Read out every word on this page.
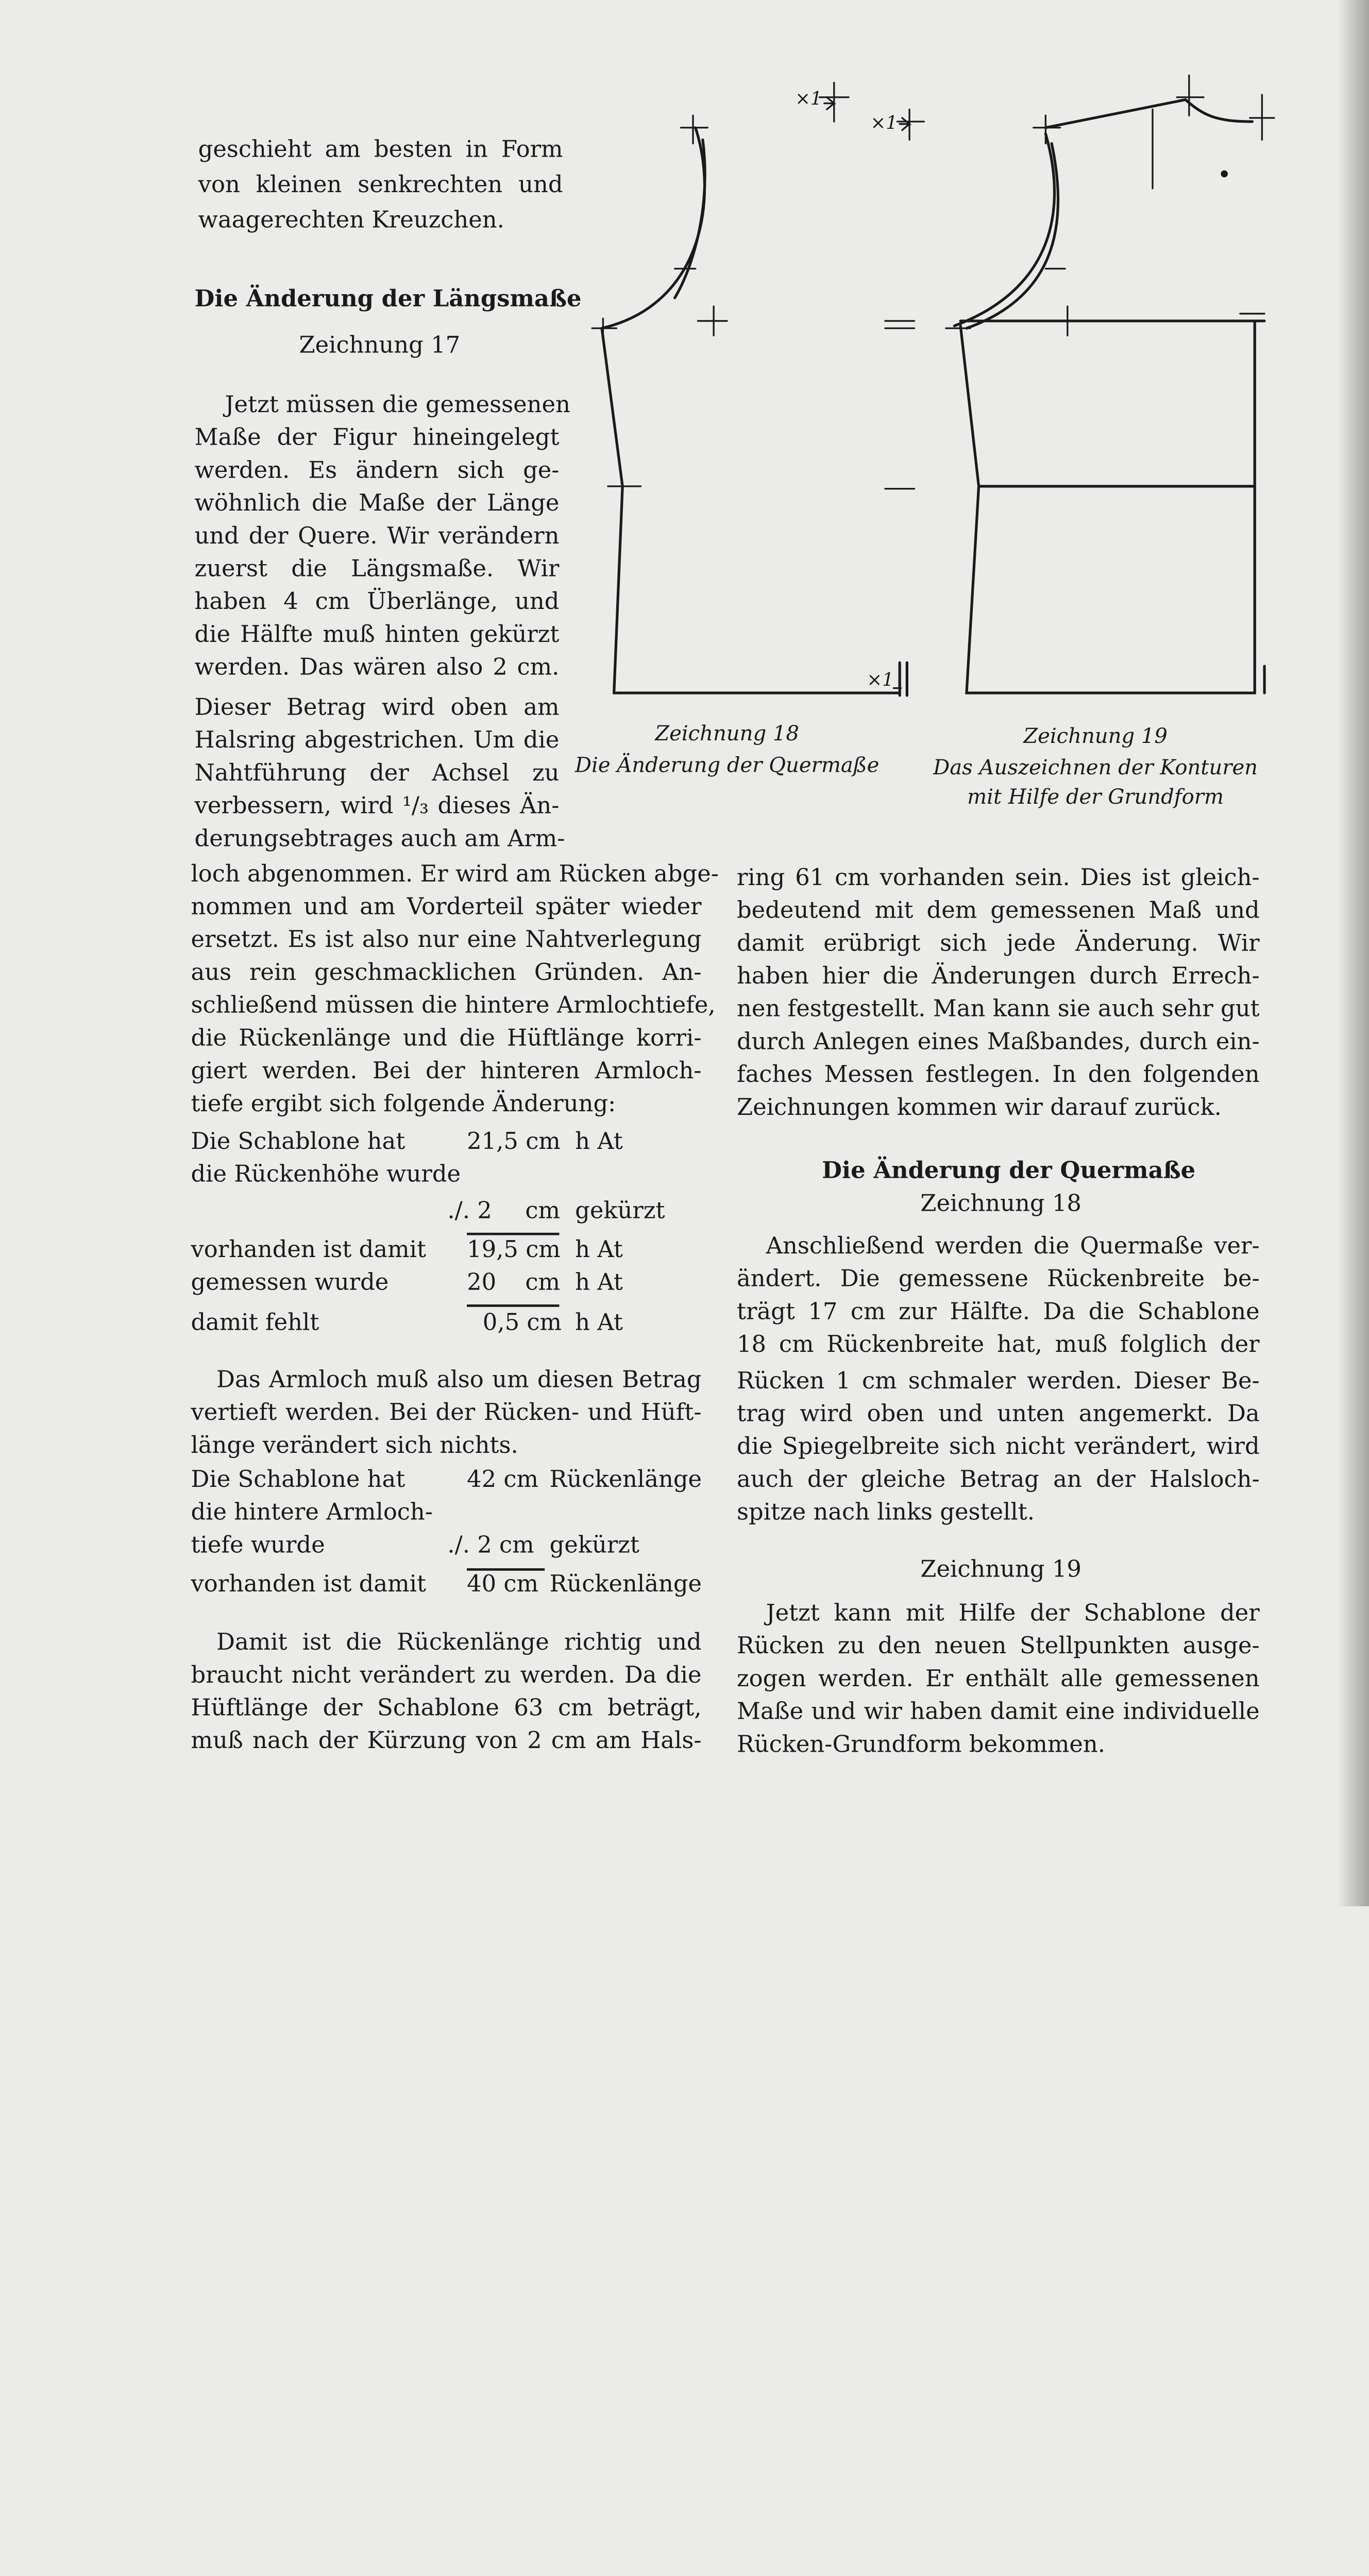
geschieht am besten in Form
von kleinen senkrechten und
waagerechten Kreuzchen.
Die Änderung der Längsmaße
Zeichnung 17
Jetzt müssen die gemessenen
Maße der Figur hineingelegt
werden. Es ändern sich ge-
wöhnlich die Maße der Länge
und der Quere. Wir verändern
zuerst die Längsmaße. Wir
haben 4 cm Überlänge, und
die Hälfte muß hinten gekürzt
werden. Das wären also 2 cm.
Dieser Betrag wird oben am
Halsring abgestrichen. Um die
Nahtführung der Achsel zu
verbessern, wird ¹/₃ dieses Än-
derungsebtrages auch am Arm-
loch abgenommen. Er wird am Rücken abge-
nommen und am Vorderteil später wieder
ersetzt. Es ist also nur eine Nahtverlegung
aus rein geschmacklichen Gründen. An-
schließend müssen die hintere Armlochtiefe,
die Rückenlänge und die Hüftlänge korri-
giert werden. Bei der hinteren Armloch-
tiefe ergibt sich folgende Änderung:
Die Schablone hat	21,5 cm h At
die Rückenhöhe wurde
./. 2	cm gekürzt
vorhanden ist damit	19,5 cm h At
gemessen wurde	20	cm h At
damit fehlt	0,5 cm h At
Das Armloch muß also um diesen Betrag
vertieft werden. Bei der Rücken- und Hüft-
länge verändert sich nichts.
Die Schablone hat	42 cm Rückenlänge
die hintere Armloch-
tiefe wurde	./. 2 cm gekürzt
vorhanden ist damit	40 cm Rückenlänge
Damit ist die Rückenlänge richtig und
braucht nicht verändert zu werden. Da die
Hüftlänge der Schablone 63 cm beträgt,
muß nach der Kürzung von 2 cm am Hals-
ring 61 cm vorhanden sein. Dies ist gleich-
bedeutend mit dem gemessenen Maß und
damit erübrigt sich jede Änderung. Wir
haben hier die Änderungen durch Errech-
nen festgestellt. Man kann sie auch sehr gut
durch Anlegen eines Maßbandes, durch ein-
faches Messen festlegen. In den folgenden
Zeichnungen kommen wir darauf zurück.
Die Änderung der Quermaße
Zeichnung 18
Anschließend werden die Quermaße ver-
ändert. Die gemessene Rückenbreite be-
trägt 17 cm zur Hälfte. Da die Schablone
18 cm Rückenbreite hat, muß folglich der
Rücken 1 cm schmaler werden. Dieser Be-
trag wird oben und unten angemerkt. Da
die Spiegelbreite sich nicht verändert, wird
auch der gleiche Betrag an der Halsloch-
spitze nach links gestellt.
Zeichnung 19
Jetzt kann mit Hilfe der Schablone der
Rücken zu den neuen Stellpunkten ausge-
zogen werden. Er enthält alle gemessenen
Maße und wir haben damit eine individuelle
Rücken-Grundform bekommen.
×1
×1
×1
Zeichnung 18
Die Änderung der Quermaße
Zeichnung 19
Das Auszeichnen der Konturen
mit Hilfe der Grundform
